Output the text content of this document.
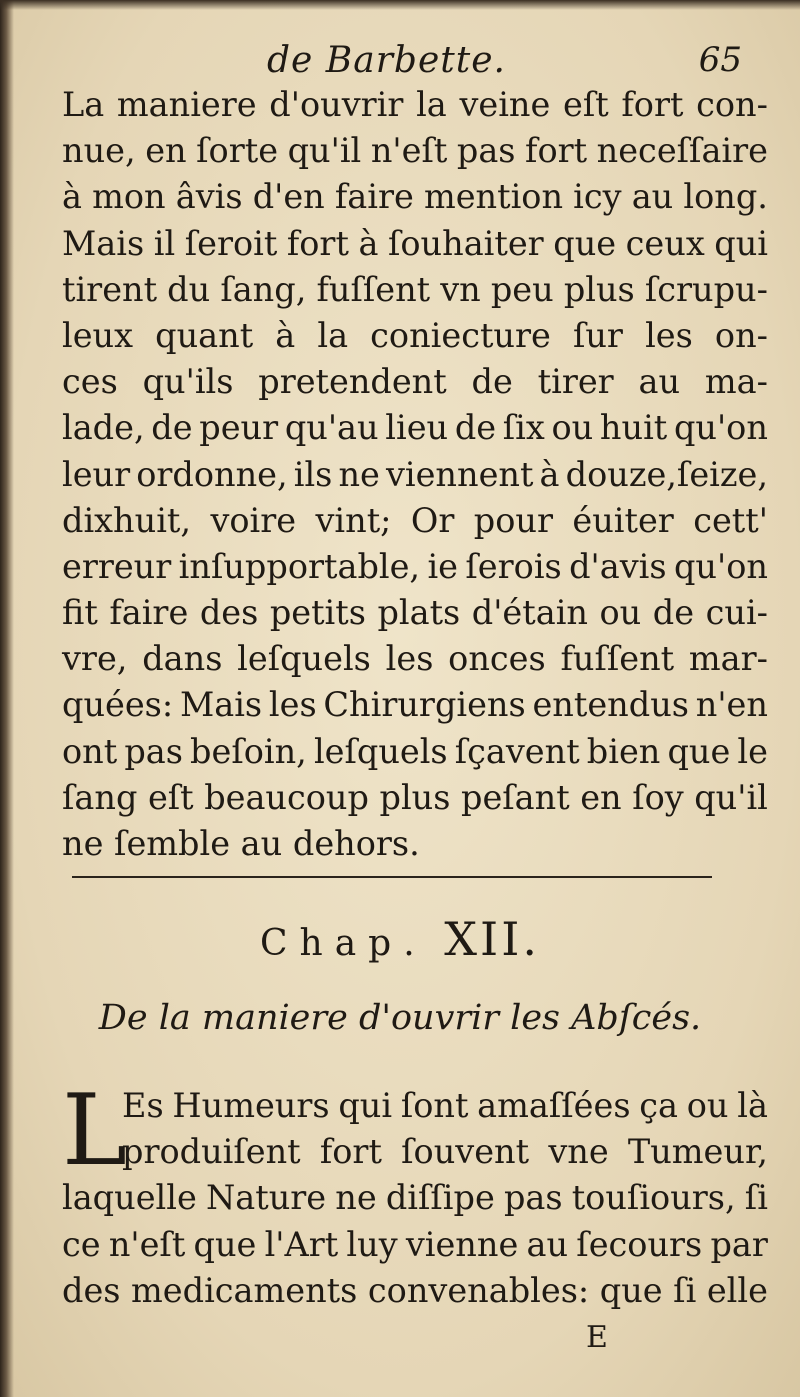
de Barbette.	65
La maniere d'ouvrir la veine eſt fort con-
nue, en ſorte qu'il n'eſt pas fort neceſſaire
à mon âvis d'en faire mention icy au long.
Mais il ſeroit fort à ſouhaiter que ceux qui
tirent du ſang, fuſſent vn peu plus ſcrupu-
leux quant à la coniecture ſur les on-
ces qu'ils pretendent de tirer au ma-
lade, de peur qu'au lieu de ſix ou huit qu'on
leur ordonne, ils ne viennent à douze,ſeize,
dixhuit, voire vint; Or pour éuiter cett'
erreur inſupportable, ie ſerois d'avis qu'on
fit faire des petits plats d'étain ou de cui-
vre, dans leſquels les onces fuſſent mar-
quées: Mais les Chirurgiens entendus n'en
ont pas beſoin, leſquels ſçavent bien que le
ſang eſt beaucoup plus peſant en ſoy qu'il
ne ſemble au dehors.
Chap. XII.
De la maniere d'ouvrir les Abſcés.
L
Es Humeurs qui ſont amaſſées ça ou là
produiſent fort ſouvent vne Tumeur,
laquelle Nature ne diſſipe pas touſiours, ſi
ce n'eſt que l'Art luy vienne au ſecours par
des medicaments convenables: que ſi elle
E
